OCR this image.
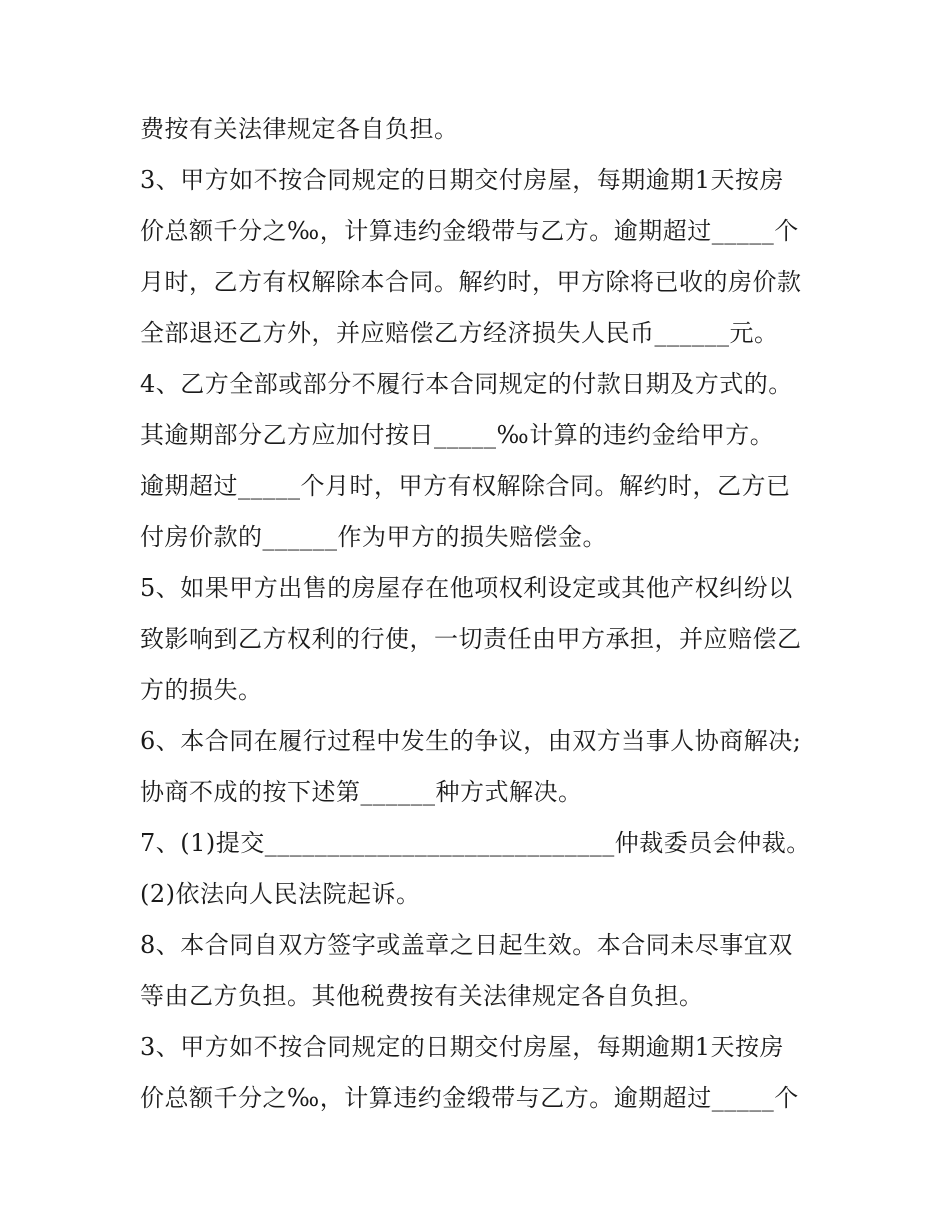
费按有关法律规定各自负担。
3、甲方如不按合同规定的日期交付房屋，每期逾期1天按房
价总额千分之‰，计算违约金缎带与乙方。逾期超过_____个
月时，乙方有权解除本合同。解约时，甲方除将已收的房价款
全部退还乙方外，并应赔偿乙方经济损失人民币______元。
4、乙方全部或部分不履行本合同规定的付款日期及方式的。
其逾期部分乙方应加付按日_____‰计算的违约金给甲方。
逾期超过_____个月时，甲方有权解除合同。解约时，乙方已
付房价款的______作为甲方的损失赔偿金。
5、如果甲方出售的房屋存在他项权利设定或其他产权纠纷以
致影响到乙方权利的行使，一切责任由甲方承担，并应赔偿乙
方的损失。
6、本合同在履行过程中发生的争议，由双方当事人协商解决;
协商不成的按下述第______种方式解决。
7、(1)提交____________________________仲裁委员会仲裁。
(2)依法向人民法院起诉。
8、本合同自双方签字或盖章之日起生效。本合同未尽事宜双
等由乙方负担。其他税费按有关法律规定各自负担。
3、甲方如不按合同规定的日期交付房屋，每期逾期1天按房
价总额千分之‰，计算违约金缎带与乙方。逾期超过_____个
